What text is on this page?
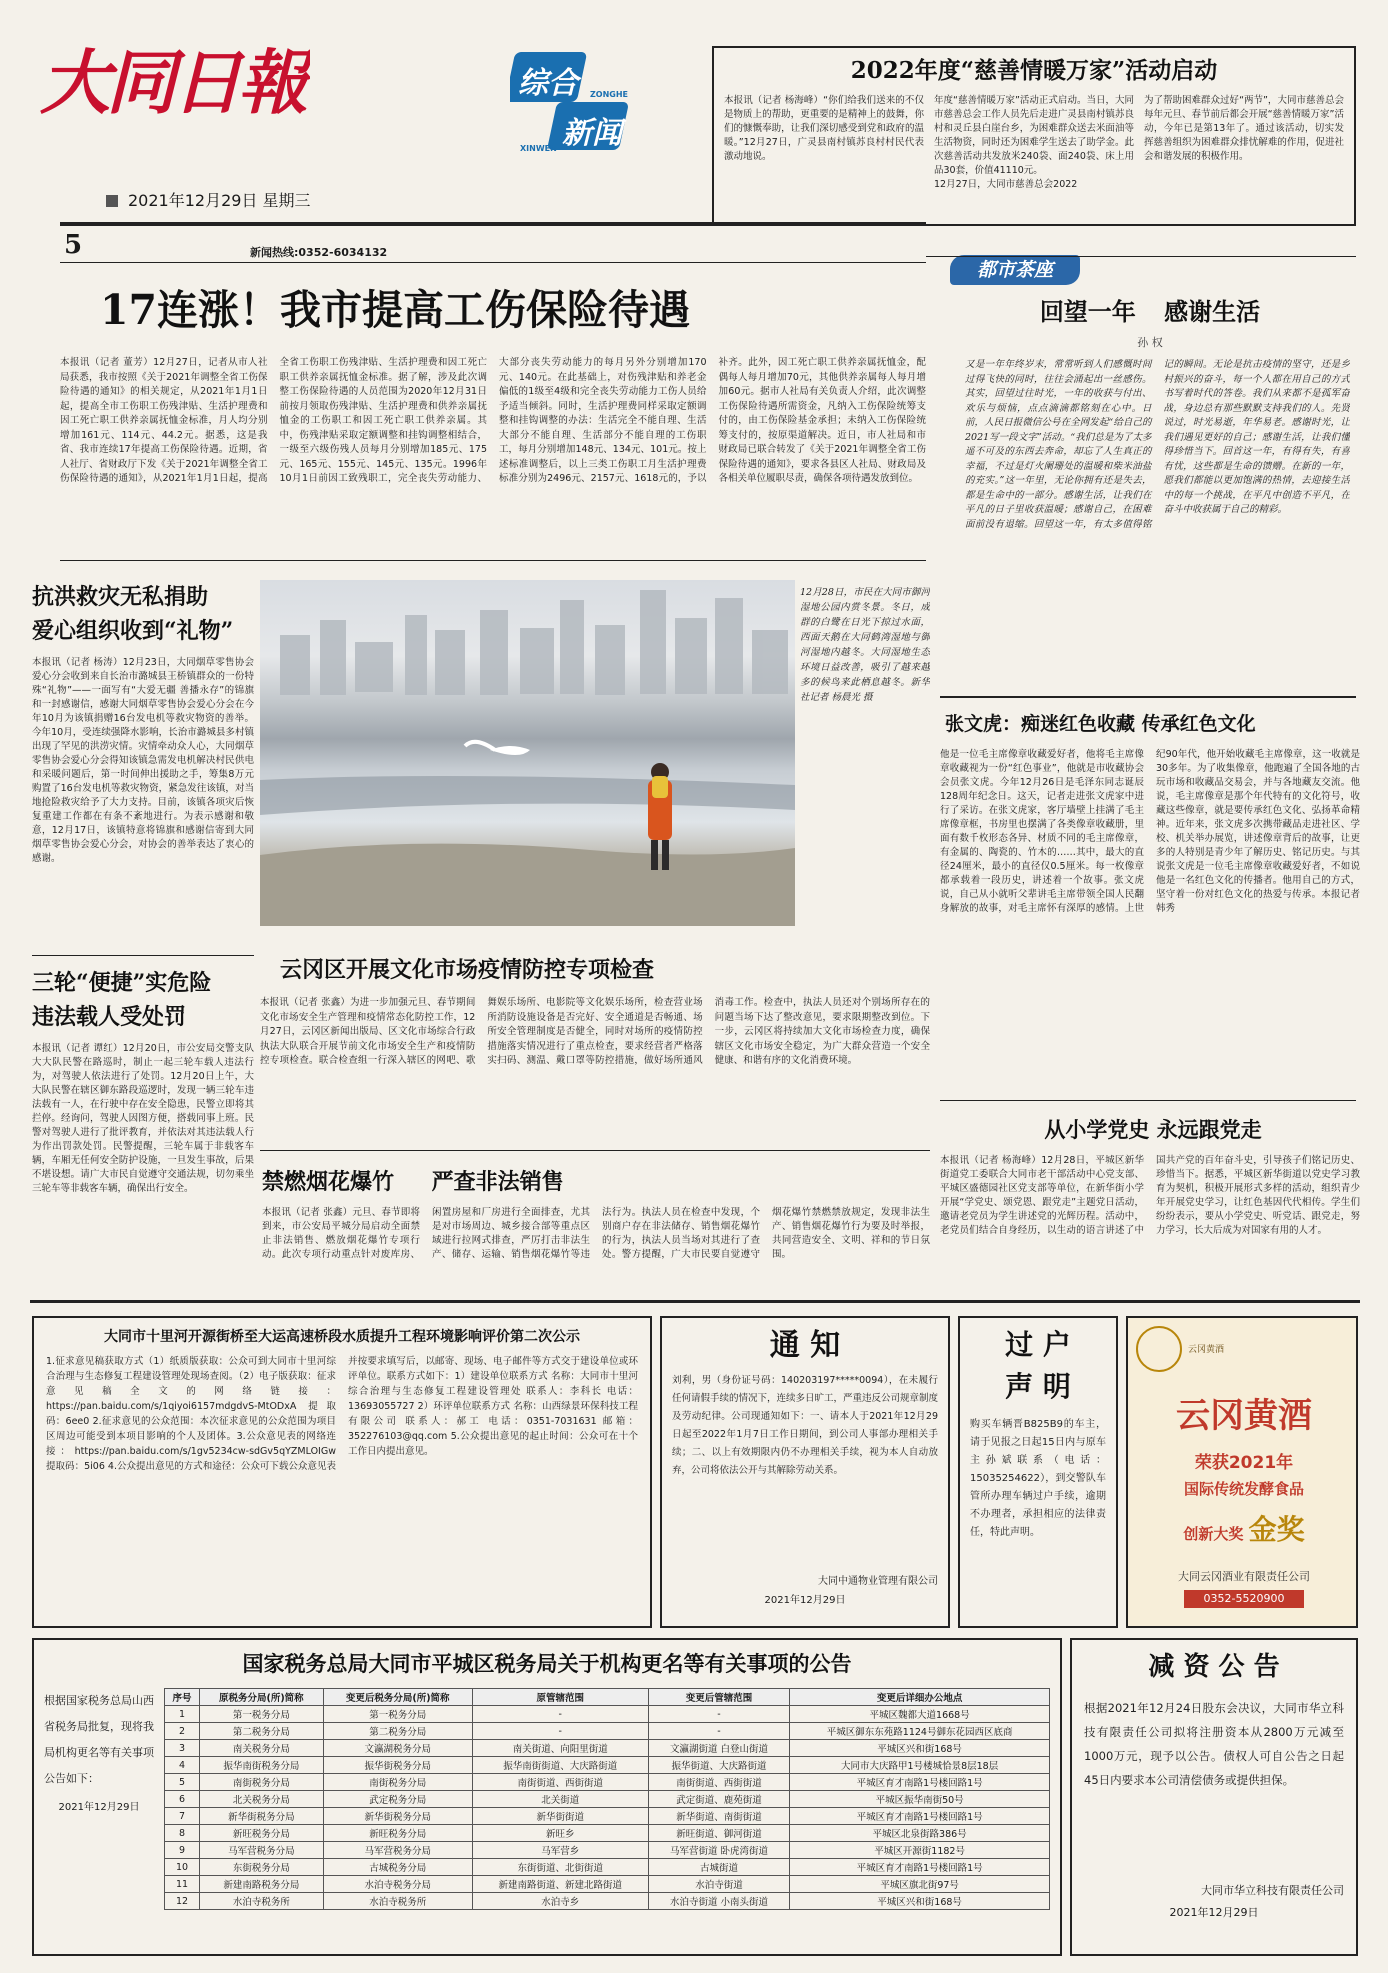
大同日報	综合
新闻
ZONGHE
XINWEN
2021年12月29日 星期三
5	新闻热线:0352-6034132
2022年度“慈善情暖万家”活动启动
本报讯（记者 杨海峰）“你们给我们送来的不仅是物质上的帮助，更重要的是精神上的鼓舞，你们的慷慨奉助，让我们深切感受到党和政府的温暖。”12月27日，广灵县南村镇苏良村村民代表激动地说。
年度“慈善情暖万家”活动正式启动。当日，大同市慈善总会工作人员先后走进广灵县南村镇苏良村和灵丘县白崖台乡，为困难群众送去米面油等生活物资，同时还为困难学生送去了助学金。此次慈善活动共发放米240袋、面240袋、床上用品30套，价值41110元。
12月27日，大同市慈善总会2022
为了帮助困难群众过好“两节”，大同市慈善总会每年元旦、春节前后都会开展“慈善情暖万家”活动，今年已是第13年了。通过该活动，切实发挥慈善组织为困难群众排忧解难的作用，促进社会和谐发展的积极作用。
17连涨！我市提高工伤保险待遇
本报讯（记者 董芳）12月27日，记者从市人社局获悉，我市按照《关于2021年调整全省工伤保险待遇的通知》的相关规定，从2021年1月1日起，提高全市工伤职工伤残津贴、生活护理费和因工死亡职工供养亲属抚恤金标准，月人均分别增加161元、114元、44.2元。据悉，这是我省、我市连续17年提高工伤保险待遇。近期，省人社厅、省财政厅下发《关于2021年调整全省工伤保险待遇的通知》，从2021年1月1日起，提高全省工伤职工伤残津贴、生活护理费和因工死亡职工供养亲属抚恤金标准。据了解，涉及此次调整工伤保险待遇的人员范围为2020年12月31日前按月领取伤残津贴、生活护理费和供养亲属抚恤金的工伤职工和因工死亡职工供养亲属。其中，伤残津贴采取定额调整和挂钩调整相结合，一级至六级伤残人员每月分别增加185元、175元、165元、155元、145元、135元。1996年10月1日前因工致残职工，完全丧失劳动能力、大部分丧失劳动能力的每月另外分别增加170元、140元。在此基础上，对伤残津贴和养老金偏低的1级至4级和完全丧失劳动能力工伤人员给予适当倾斜。同时，生活护理费同样采取定额调整和挂钩调整的办法：生活完全不能自理、生活大部分不能自理、生活部分不能自理的工伤职工，每月分别增加148元、134元、101元。按上述标准调整后，以上三类工伤职工月生活护理费标准分别为2496元、2157元、1618元的，予以补齐。此外，因工死亡职工供养亲属抚恤金，配偶每人每月增加70元，其他供养亲属每人每月增加60元。据市人社局有关负责人介绍，此次调整工伤保险待遇所需资金，凡纳入工伤保险统筹支付的，由工伤保险基金承担；未纳入工伤保险统筹支付的，按原渠道解决。近日，市人社局和市财政局已联合转发了《关于2021年调整全省工伤保险待遇的通知》，要求各县区人社局、财政局及各相关单位履职尽责，确保各项待遇发放到位。
都市茶座
回望一年 感谢生活
孙 权
又是一年年终岁末，常常听到人们感慨时间过得飞快的同时，往往会涌起出一丝感伤。其实，回望过往时光，一年的收获与付出、欢乐与烦恼，点点滴滴都铭刻在心中。日前，人民日报微信公号在全网发起“给自己的2021写一段文字”活动。“我们总是为了太多遥不可及的东西去奔命，却忘了人生真正的幸福，不过是灯火阑珊处的温暖和柴米油盐的充实。”这一年里，无论你拥有还是失去，都是生命中的一部分。感谢生活，让我们在平凡的日子里收获温暖；感谢自己，在困难面前没有退缩。回望这一年，有太多值得铭记的瞬间。无论是抗击疫情的坚守，还是乡村振兴的奋斗，每一个人都在用自己的方式书写着时代的答卷。我们从来都不是孤军奋战，身边总有那些默默支持我们的人。先贤说过，时光易逝，年华易老。感谢时光，让我们遇见更好的自己；感谢生活，让我们懂得珍惜当下。回首这一年，有得有失，有喜有忧，这些都是生命的馈赠。在新的一年，愿我们都能以更加饱满的热情，去迎接生活中的每一个挑战，在平凡中创造不平凡，在奋斗中收获属于自己的精彩。
抗洪救灾无私捐助
爱心组织收到“礼物”
本报讯（记者 杨涛）12月23日，大同烟草零售协会爱心分会收到来自长治市潞城县王桥镇群众的一份特殊“礼物”——一面写有“大爱无疆 善播永存”的锦旗和一封感谢信，感谢大同烟草零售协会爱心分会在今年10月为该镇捐赠16台发电机等救灾物资的善举。今年10月，受连续强降水影响，长治市潞城县多村镇出现了罕见的洪涝灾情。灾情牵动众人心，大同烟草零售协会爱心分会得知该镇急需发电机解决村民供电和采暖问题后，第一时间伸出援助之手，筹集8万元购置了16台发电机等救灾物资，紧急发往该镇，对当地抢险救灾给予了大力支持。目前，该镇各项灾后恢复重建工作都在有条不紊地进行。为表示感谢和敬意，12月17日，该镇特意将锦旗和感谢信寄到大同烟草零售协会爱心分会，对协会的善举表达了衷心的感谢。
12月28日，市民在大同市御河湿地公园内赏冬景。冬日，成群的白鹭在日光下掠过水面，西面天鹅在大同鹤湾湿地与御河湿地内越冬。大同湿地生态环境日益改善，吸引了越来越多的候鸟来此栖息越冬。新华社记者 杨晨光 摄
张文虎：痴迷红色收藏 传承红色文化
他是一位毛主席像章收藏爱好者，他将毛主席像章收藏视为一份“红色事业”，他就是市收藏协会会员张文虎。今年12月26日是毛泽东同志诞辰128周年纪念日。这天，记者走进张文虎家中进行了采访。在张文虎家，客厅墙壁上挂满了毛主席像章框，书房里也摆满了各类像章收藏册，里面有数千枚形态各异、材质不同的毛主席像章，有金属的、陶瓷的、竹木的……其中，最大的直径24厘米，最小的直径仅0.5厘米。每一枚像章都承载着一段历史，讲述着一个故事。张文虎说，自己从小就听父辈讲毛主席带领全国人民翻身解放的故事，对毛主席怀有深厚的感情。上世纪90年代，他开始收藏毛主席像章，这一收就是30多年。为了收集像章，他跑遍了全国各地的古玩市场和收藏品交易会，并与各地藏友交流。他说，毛主席像章是那个年代特有的文化符号，收藏这些像章，就是要传承红色文化、弘扬革命精神。近年来，张文虎多次携带藏品走进社区、学校、机关举办展览，讲述像章背后的故事，让更多的人特别是青少年了解历史、铭记历史。与其说张文虎是一位毛主席像章收藏爱好者，不如说他是一名红色文化的传播者。他用自己的方式，坚守着一份对红色文化的热爱与传承。本报记者 韩秀
云冈区开展文化市场疫情防控专项检查
本报讯（记者 张鑫）为进一步加强元旦、春节期间文化市场安全生产管理和疫情常态化防控工作，12月27日，云冈区新闻出版局、区文化市场综合行政执法大队联合开展节前文化市场安全生产和疫情防控专项检查。联合检查组一行深入辖区的网吧、歌舞娱乐场所、电影院等文化娱乐场所，检查营业场所消防设施设备是否完好、安全通道是否畅通、场所安全管理制度是否健全，同时对场所的疫情防控措施落实情况进行了重点检查，要求经营者严格落实扫码、测温、戴口罩等防控措施，做好场所通风消毒工作。检查中，执法人员还对个别场所存在的问题当场下达了整改意见，要求限期整改到位。下一步，云冈区将持续加大文化市场检查力度，确保辖区文化市场安全稳定，为广大群众营造一个安全健康、和谐有序的文化消费环境。
三轮“便捷”实危险
违法载人受处罚
本报讯（记者 谭红）12月20日，市公安局交警支队大大队民警在路巡时，制止一起三轮车载人违法行为，对驾驶人依法进行了处罚。12月20日上午，大大队民警在辖区御东路段巡逻时，发现一辆三轮车违法载有一人，在行驶中存在安全隐患，民警立即将其拦停。经询问，驾驶人因图方便，搭载同事上班。民警对驾驶人进行了批评教育，并依法对其违法载人行为作出罚款处罚。民警提醒，三轮车属于非载客车辆，车厢无任何安全防护设施，一旦发生事故，后果不堪设想。请广大市民自觉遵守交通法规，切勿乘坐三轮车等非载客车辆，确保出行安全。	禁燃烟花爆竹 严查非法销售
本报讯（记者 张鑫）元旦、春节即将到来，市公安局平城分局启动全面禁止非法销售、燃放烟花爆竹专项行动。此次专项行动重点针对废库房、闲置房屋和厂房进行全面排查，尤其是对市场周边、城乡接合部等重点区域进行拉网式排查，严厉打击非法生产、储存、运输、销售烟花爆竹等违法行为。执法人员在检查中发现，个别商户存在非法储存、销售烟花爆竹的行为，执法人员当场对其进行了查处。警方提醒，广大市民要自觉遵守烟花爆竹禁燃禁放规定，发现非法生产、销售烟花爆竹行为要及时举报，共同营造安全、文明、祥和的节日氛围。
从小学党史 永远跟党走
本报讯（记者 杨海峰）12月28日，平城区新华街道党工委联合大同市老干部活动中心党支部、平城区盛德园社区党支部等单位，在新华街小学开展“学党史、颂党恩、跟党走”主题党日活动，邀请老党员为学生讲述党的光辉历程。活动中，老党员们结合自身经历，以生动的语言讲述了中国共产党的百年奋斗史，引导孩子们铭记历史、珍惜当下。据悉，平城区新华街道以党史学习教育为契机，积极开展形式多样的活动，组织青少年开展党史学习，让红色基因代代相传。学生们纷纷表示，要从小学党史、听党话、跟党走，努力学习，长大后成为对国家有用的人才。
大同市十里河开源街桥至大运高速桥段水质提升工程环境影响评价第二次公示
1.征求意见稿获取方式（1）纸质版获取：公众可到大同市十里河综合治理与生态修复工程建设管理处现场查阅。（2）电子版获取：征求意见稿全文的网络链接：https://pan.baidu.com/s/1qiyoi6157mdgdvS-MtODxA 提取码：6ee0 2.征求意见的公众范围：本次征求意见的公众范围为项目区周边可能受到本项目影响的个人及团体。3.公众意见表的网络连接：https://pan.baidu.com/s/1gv5234cw-sdGv5qYZMLOIGw 提取码：5i06 4.公众提出意见的方式和途径：公众可下载公众意见表并按要求填写后，以邮寄、现场、电子邮件等方式交于建设单位或环评单位。联系方式如下：1）建设单位联系方式 名称：大同市十里河综合治理与生态修复工程建设管理处 联系人：李科长 电话：13693055727 2）环评单位联系方式 名称：山西绿景环保科技工程有限公司 联系人：郝工 电话：0351-7031631 邮箱：352276103@qq.com 5.公众提出意见的起止时间：公众可在十个工作日内提出意见。
通 知
刘利，男（身份证号码：140203197*****0094），在未履行任何请假手续的情况下，连续多日旷工，严重违反公司规章制度及劳动纪律。公司现通知如下：一、请本人于2021年12月29日起至2022年1月7日工作日期间，到公司人事部办理相关手续；二、以上有效期限内仍不办理相关手续，视为本人自动放弃，公司将依法公开与其解除劳动关系。
大同中通物业管理有限公司
2021年12月29日
过 户
声 明
购买车辆晋B825B9的车主，请于见报之日起15日内与原车主孙斌联系（电话：15035254622），到交警队车管所办理车辆过户手续，逾期不办理者，承担相应的法律责任，特此声明。
云冈黄酒
云冈黄酒
荣获2021年
国际传统发酵食品
创新大奖 金奖
大同云冈酒业有限责任公司
0352-5520900
国家税务总局大同市平城区税务局关于机构更名等有关事项的公告
根据国家税务总局山西省税务局批复，现将我局机构更名等有关事项公告如下：
2021年12月29日
序号	原税务分局(所)简称	变更后税务分局(所)简称	原管辖范围	变更后管辖范围	变更后详细办公地点
1	第一税务分局	第一税务分局	-	-	平城区魏都大道1668号
2	第二税务分局	第二税务分局	-	-	平城区御东东苑路1124号御东花园西区底商
3	南关税务分局	文瀛湖税务分局	南关街道、向阳里街道	文瀛湖街道 白登山街道	平城区兴和街168号
4	振华南街税务分局	振华街税务分局	振华南街街道、大庆路街道	振华街道、大庆路街道	大同市大庆路甲1号楼城恰景8层18层
5	南街税务分局	南街税务分局	南街街道、西街街道	南街街道、西街街道	平城区育才南路1号楼回路1号
6	北关税务分局	武定税务分局	北关街道	武定街道、鹿苑街道	平城区振华南街50号
7	新华街税务分局	新华街税务分局	新华街街道	新华街道、南街街道	平城区育才南路1号楼回路1号
8	新旺税务分局	新旺税务分局	新旺乡	新旺街道、御河街道	平城区北泉街路386号
9	马军营税务分局	马军营税务分局	马军营乡	马军营街道 卧虎湾街道	平城区开源街1182号
10	东街税务分局	古城税务分局	东街街道、北街街道	古城街道	平城区育才南路1号楼回路1号
11	新建南路税务分局	水泊寺税务分局	新建南路街道、新建北路街道	水泊寺街道	平城区旗北街97号
12	水泊寺税务所	水泊寺税务所	水泊寺乡	水泊寺街道 小南头街道	平城区兴和街168号
减 资 公 告
根据2021年12月24日股东会决议，大同市华立科技有限责任公司拟将注册资本从2800万元减至1000万元，现予以公告。债权人可自公告之日起45日内要求本公司清偿债务或提供担保。
大同市华立科技有限责任公司
2021年12月29日
